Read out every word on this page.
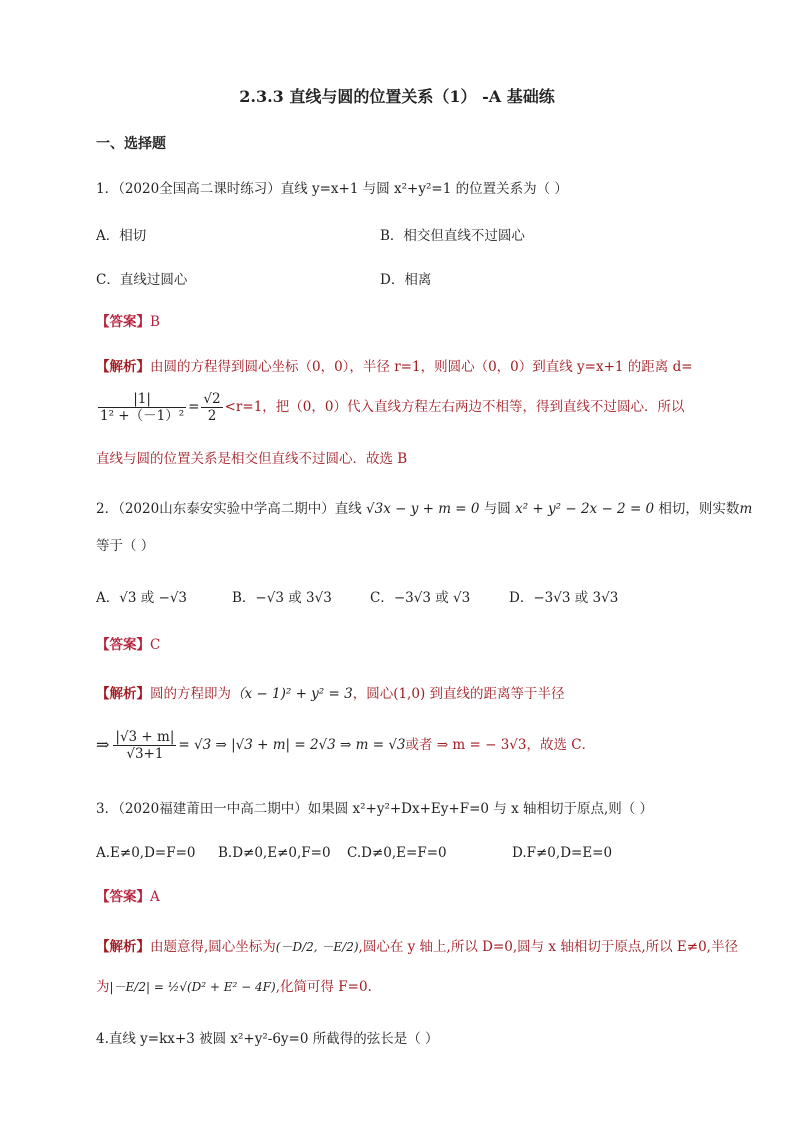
2.3.3 直线与圆的位置关系（1） -A 基础练
一、选择题
1．（2020全国高二课时练习）直线 y=x+1 与圆 x²+y²=1 的位置关系为（ ）
A．相切	B．相交但直线不过圆心
C．直线过圆心	D．相离
【答案】B
【解析】由圆的方程得到圆心坐标（0，0），半径 r=1，则圆心（0，0）到直线 y=x+1 的距离 d=
$\frac{|1|}{\text{1² +（－1）²}} = \frac{√2}{2} <r=1$，把（0，0）代入直线方程左右两边不相等，得到直线不过圆心．所以
直线与圆的位置关系是相交但直线不过圆心．故选 B
2．（2020山东泰安实验中学高二期中）直线 √3x − y + m = 0 与圆 x² + y² − 2x − 2 = 0 相切，则实数m
等于（ ）
A．√3 或 −√3	B．−√3 或 3√3	C．−3√3 或 √3	D．−3√3 或 3√3
【答案】C
【解析】圆的方程即为（x − 1)² + y² = 3，圆心(1,0) 到直线的距离等于半径
⇒ $\frac{|√3 + m|}{√3+1} = √3$ ⇒ |√3 + m| = 2√3 ⇒ m = √3 或者 ⇒ m = − 3√3 ，故选 C．
3．（2020福建莆田一中高二期中）如果圆 x²+y²+Dx+Ey+F=0 与 x 轴相切于原点,则（ ）
A.E≠0,D=F=0 B.D≠0,E≠0,F=0 C.D≠0,E=F=0	D.F≠0,D=E=0
【答案】A
【解析】由题意得,圆心坐标为(－D/2, －E/2),圆心在 y 轴上,所以 D=0,圆与 x 轴相切于原点,所以 E≠0,半径
为|－E/2| = ½√(D² + E² − 4F),化简可得 F=0.
4.直线 y=kx+3 被圆 x²+y²-6y=0 所截得的弦长是（ ）
